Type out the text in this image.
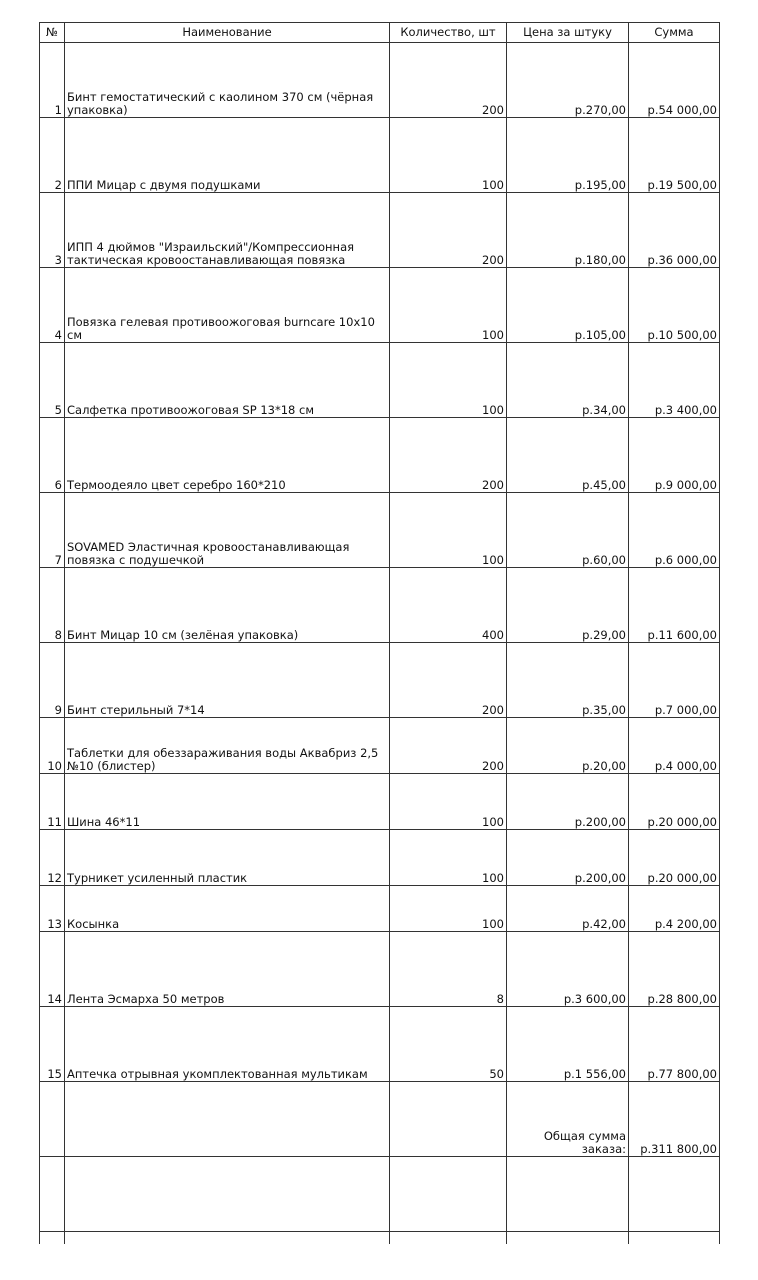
№	Наименование	Количество, шт	Цена за штуку	Сумма
1	Бинт гемостатический с каолином 370 см (чёрная упаковка)	200	р.270,00	р.54 000,00
2	ППИ Мицар с двумя подушками	100	р.195,00	р.19 500,00
3	ИПП 4 дюймов "Израильский"/Компрессионная тактическая кровоостанавливающая повязка	200	р.180,00	р.36 000,00
4	Повязка гелевая противоожоговая burncare 10x10 см	100	р.105,00	р.10 500,00
5	Салфетка противоожоговая SP 13*18 см	100	р.34,00	р.3 400,00
6	Термоодеяло цвет серебро 160*210	200	р.45,00	р.9 000,00
7	SOVAMED Эластичная кровоостанавливающая повязка с подушечкой	100	р.60,00	р.6 000,00
8	Бинт Мицар 10 см (зелёная упаковка)	400	р.29,00	р.11 600,00
9	Бинт стерильный 7*14	200	р.35,00	р.7 000,00
10	Таблетки для обеззараживания воды Аквабриз 2,5 №10 (блистер)	200	р.20,00	р.4 000,00
11	Шина 46*11	100	р.200,00	р.20 000,00
12	Турникет усиленный пластик	100	р.200,00	р.20 000,00
13	Косынка	100	р.42,00	р.4 200,00
14	Лента Эсмарха 50 метров	8	р.3 600,00	р.28 800,00
15	Аптечка отрывная укомплектованная мультикам	50	р.1 556,00	р.77 800,00
			Общая сумма заказа:	р.311 800,00
